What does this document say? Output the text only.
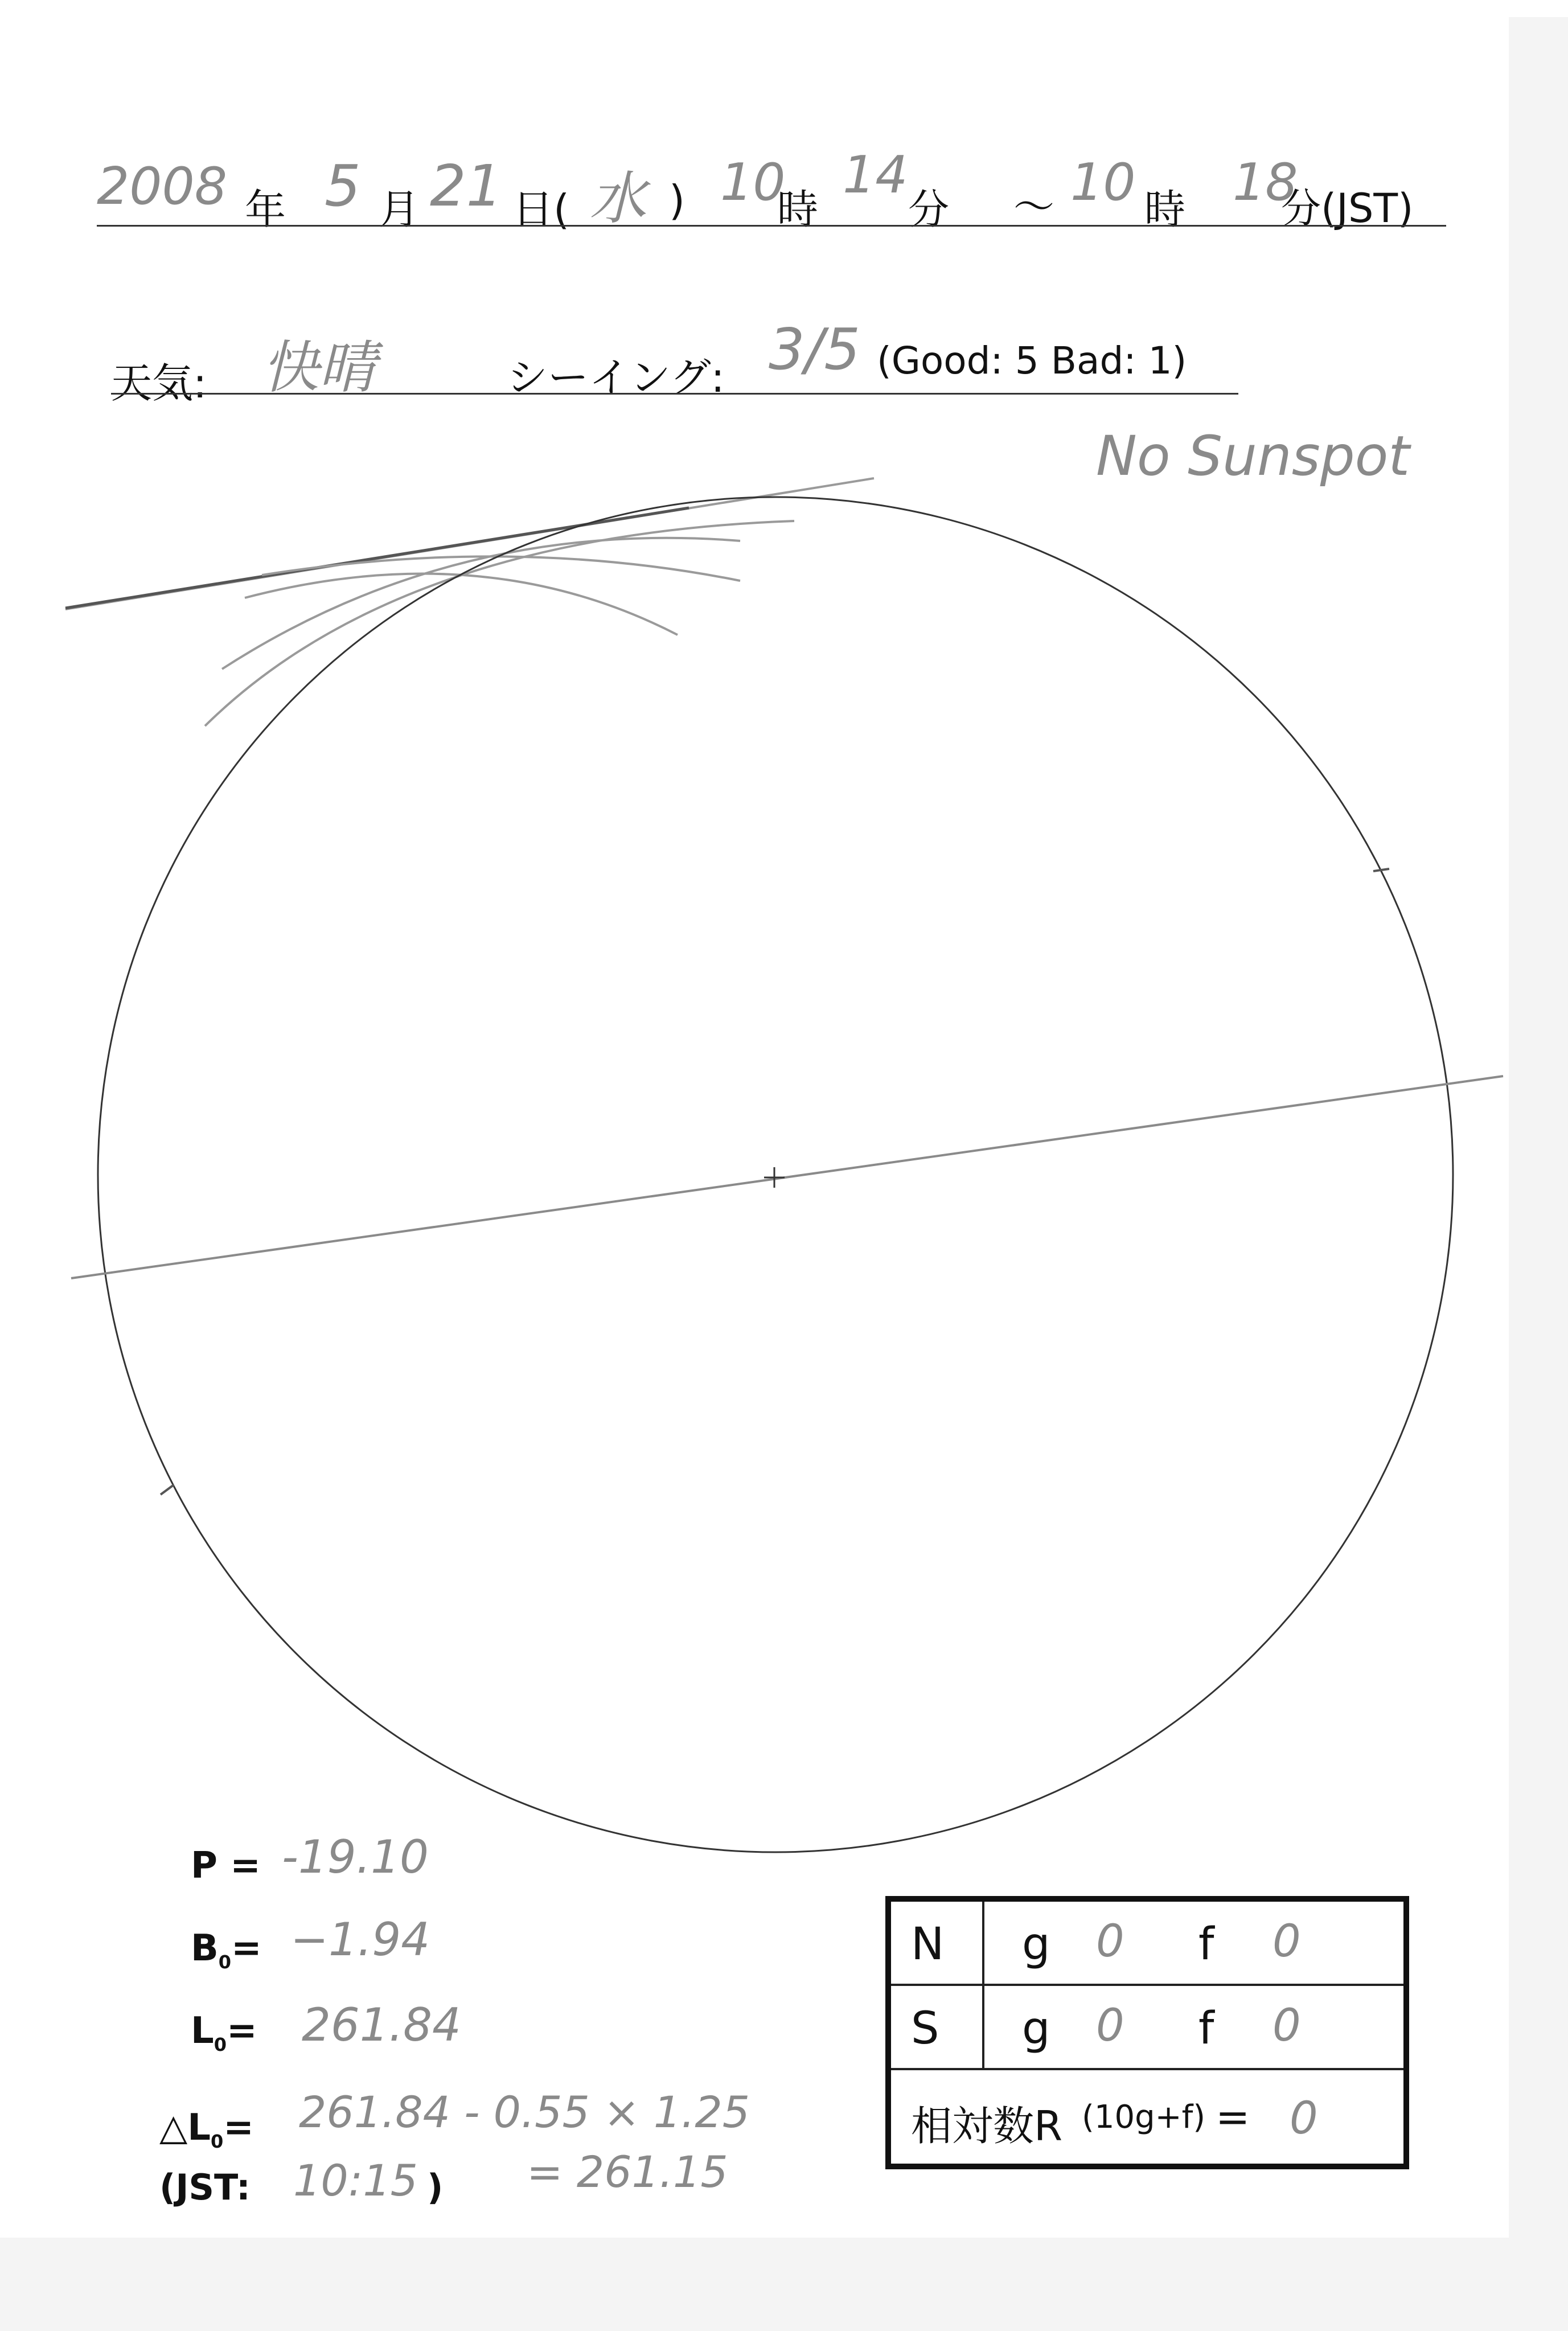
2008 年 5 月 21 日( 水 ) 10
時
14
分 〜 10 時 18
分(JST)
天気: 快晴	シーイング: 3/5 (Good: 5 Bad: 1)
No Sunspot
P = -19.10
$B_0= -1.94$
$L_0= 261.84$
$\triangle L_0= 261.84 - 0.55 \times 1.25$
= 261.15
(JST: 10:15 )
N g 0 f 0
S g 0 f 0
相対数R (10g+f) = 0
